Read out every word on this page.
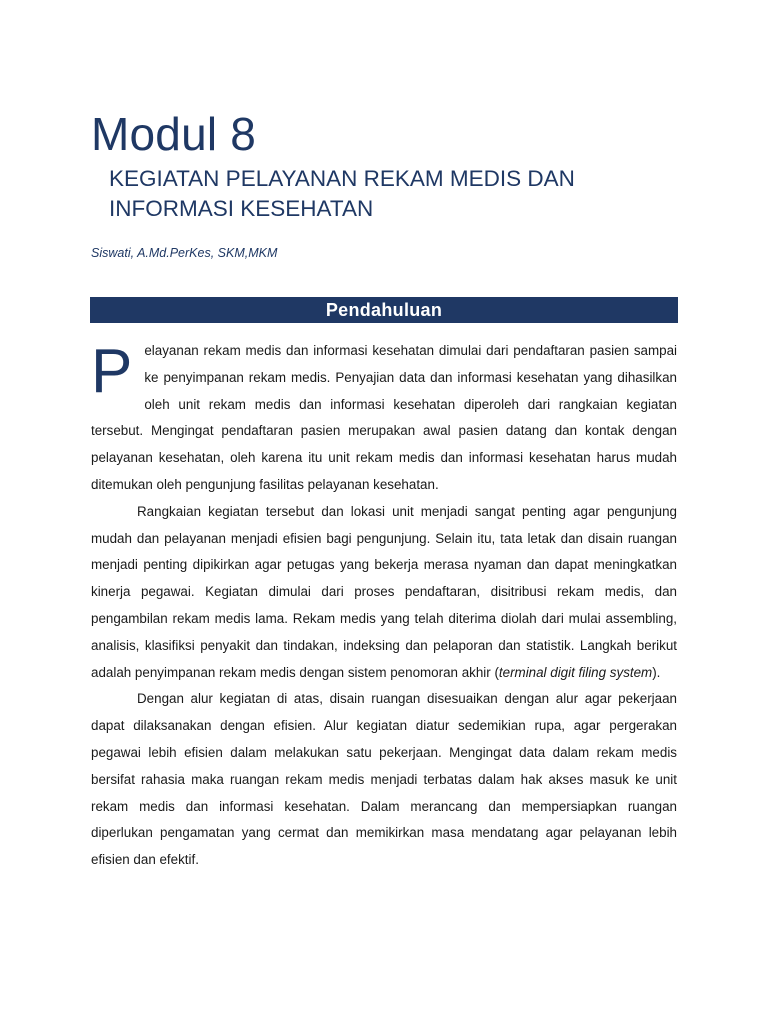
Modul 8
KEGIATAN PELAYANAN REKAM MEDIS DAN
INFORMASI KESEHATAN

Siswati, A.Md.PerKes, SKM,MKM

Pendahuluan

Pelayanan rekam medis dan informasi kesehatan dimulai dari pendaftaran pasien sampai ke penyimpanan rekam medis. Penyajian data dan informasi kesehatan yang dihasilkan oleh unit rekam medis dan informasi kesehatan diperoleh dari rangkaian kegiatan tersebut. Mengingat pendaftaran pasien merupakan awal pasien datang dan kontak dengan pelayanan kesehatan, oleh karena itu unit rekam medis dan informasi kesehatan harus mudah ditemukan oleh pengunjung fasilitas pelayanan kesehatan.

Rangkaian kegiatan tersebut dan lokasi unit menjadi sangat penting agar pengunjung mudah dan pelayanan menjadi efisien bagi pengunjung. Selain itu, tata letak dan disain ruangan menjadi penting dipikirkan agar petugas yang bekerja merasa nyaman dan dapat meningkatkan kinerja pegawai. Kegiatan dimulai dari proses pendaftaran, disitribusi rekam medis, dan pengambilan rekam medis lama. Rekam medis yang telah diterima diolah dari mulai assembling, analisis, klasifiksi penyakit dan tindakan, indeksing dan pelaporan dan statistik. Langkah berikut adalah penyimpanan rekam medis dengan sistem penomoran akhir (terminal digit filing system).

Dengan alur kegiatan di atas, disain ruangan disesuaikan dengan alur agar pekerjaan dapat dilaksanakan dengan efisien. Alur kegiatan diatur sedemikian rupa, agar pergerakan pegawai lebih efisien dalam melakukan satu pekerjaan. Mengingat data dalam rekam medis bersifat rahasia maka ruangan rekam medis menjadi terbatas dalam hak akses masuk ke unit rekam medis dan informasi kesehatan. Dalam merancang dan mempersiapkan ruangan diperlukan pengamatan yang cermat dan memikirkan masa mendatang agar pelayanan lebih efisien dan efektif.
